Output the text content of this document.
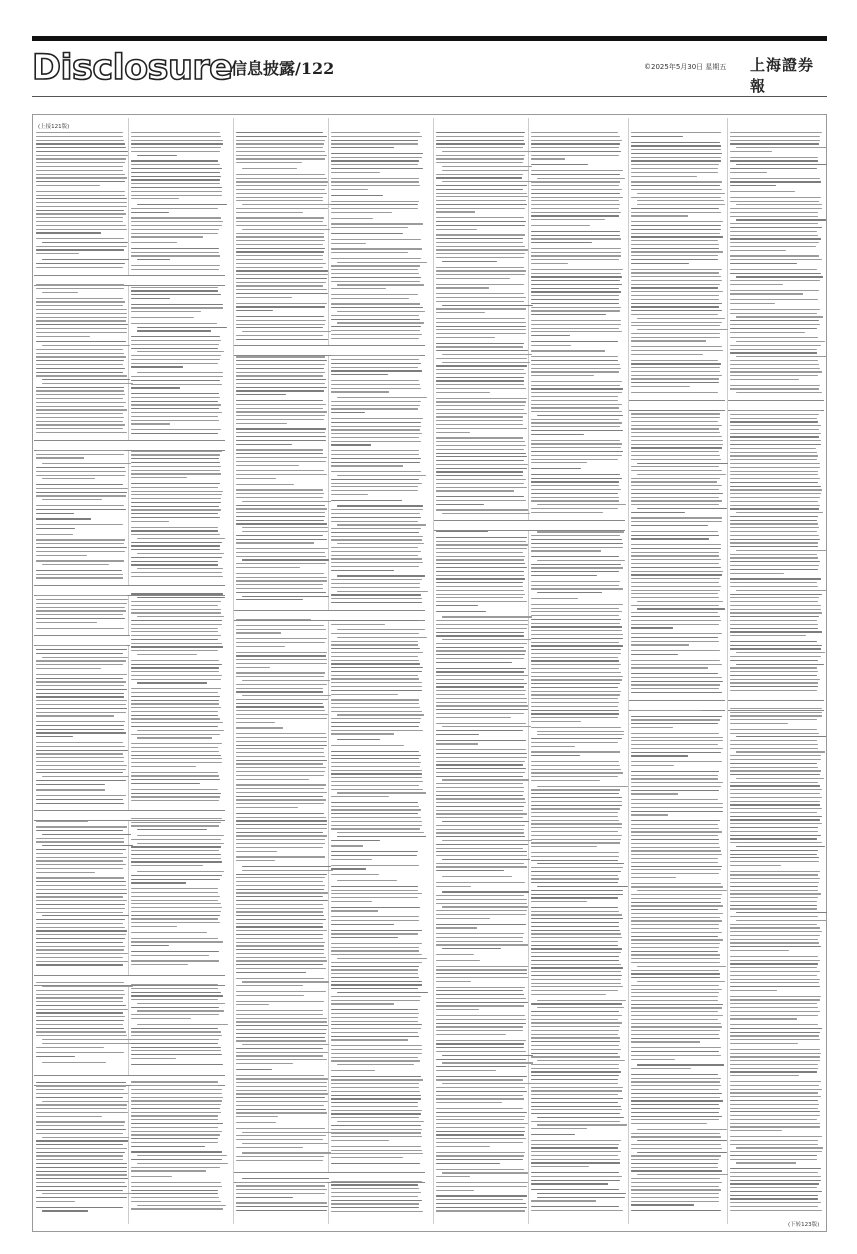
Disclosure
信息披露/122	©2025年5月30日 星期五 上海證券報
(上接121版)
(下转123版)
